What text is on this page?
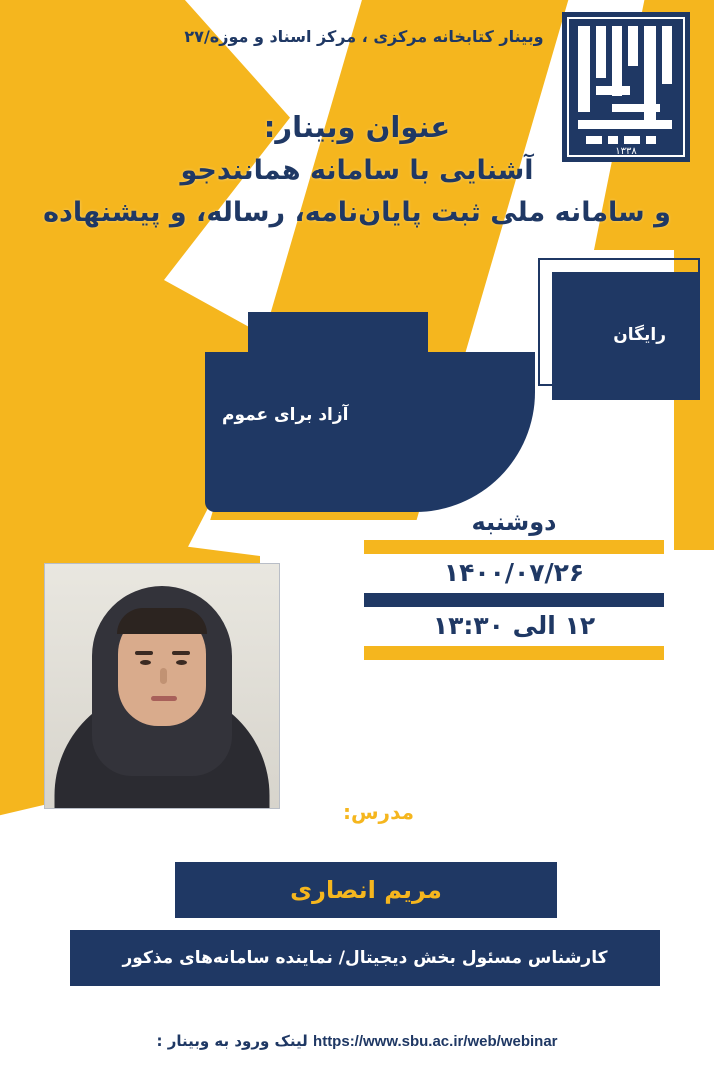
وبینار کتابخانه مرکزی ، مرکز اسناد و موزه/۲۷
۱۳۳۸
عنوان وبینار:
آشنایی با سامانه همانندجو
و سامانه ملی ثبت پایان‌نامه، رساله، و پیشنهاده
رایگان
آزاد برای عموم
دوشنبه
۱۴۰۰/۰۷/۲۶
۱۲ الی ۱۳:۳۰
مدرس:
مریم انصاری
کارشناس مسئول بخش دیجیتال/ نماینده سامانه‌های مذکور
https://www.sbu.ac.ir/web/webinar لینک ورود به وبینار :
